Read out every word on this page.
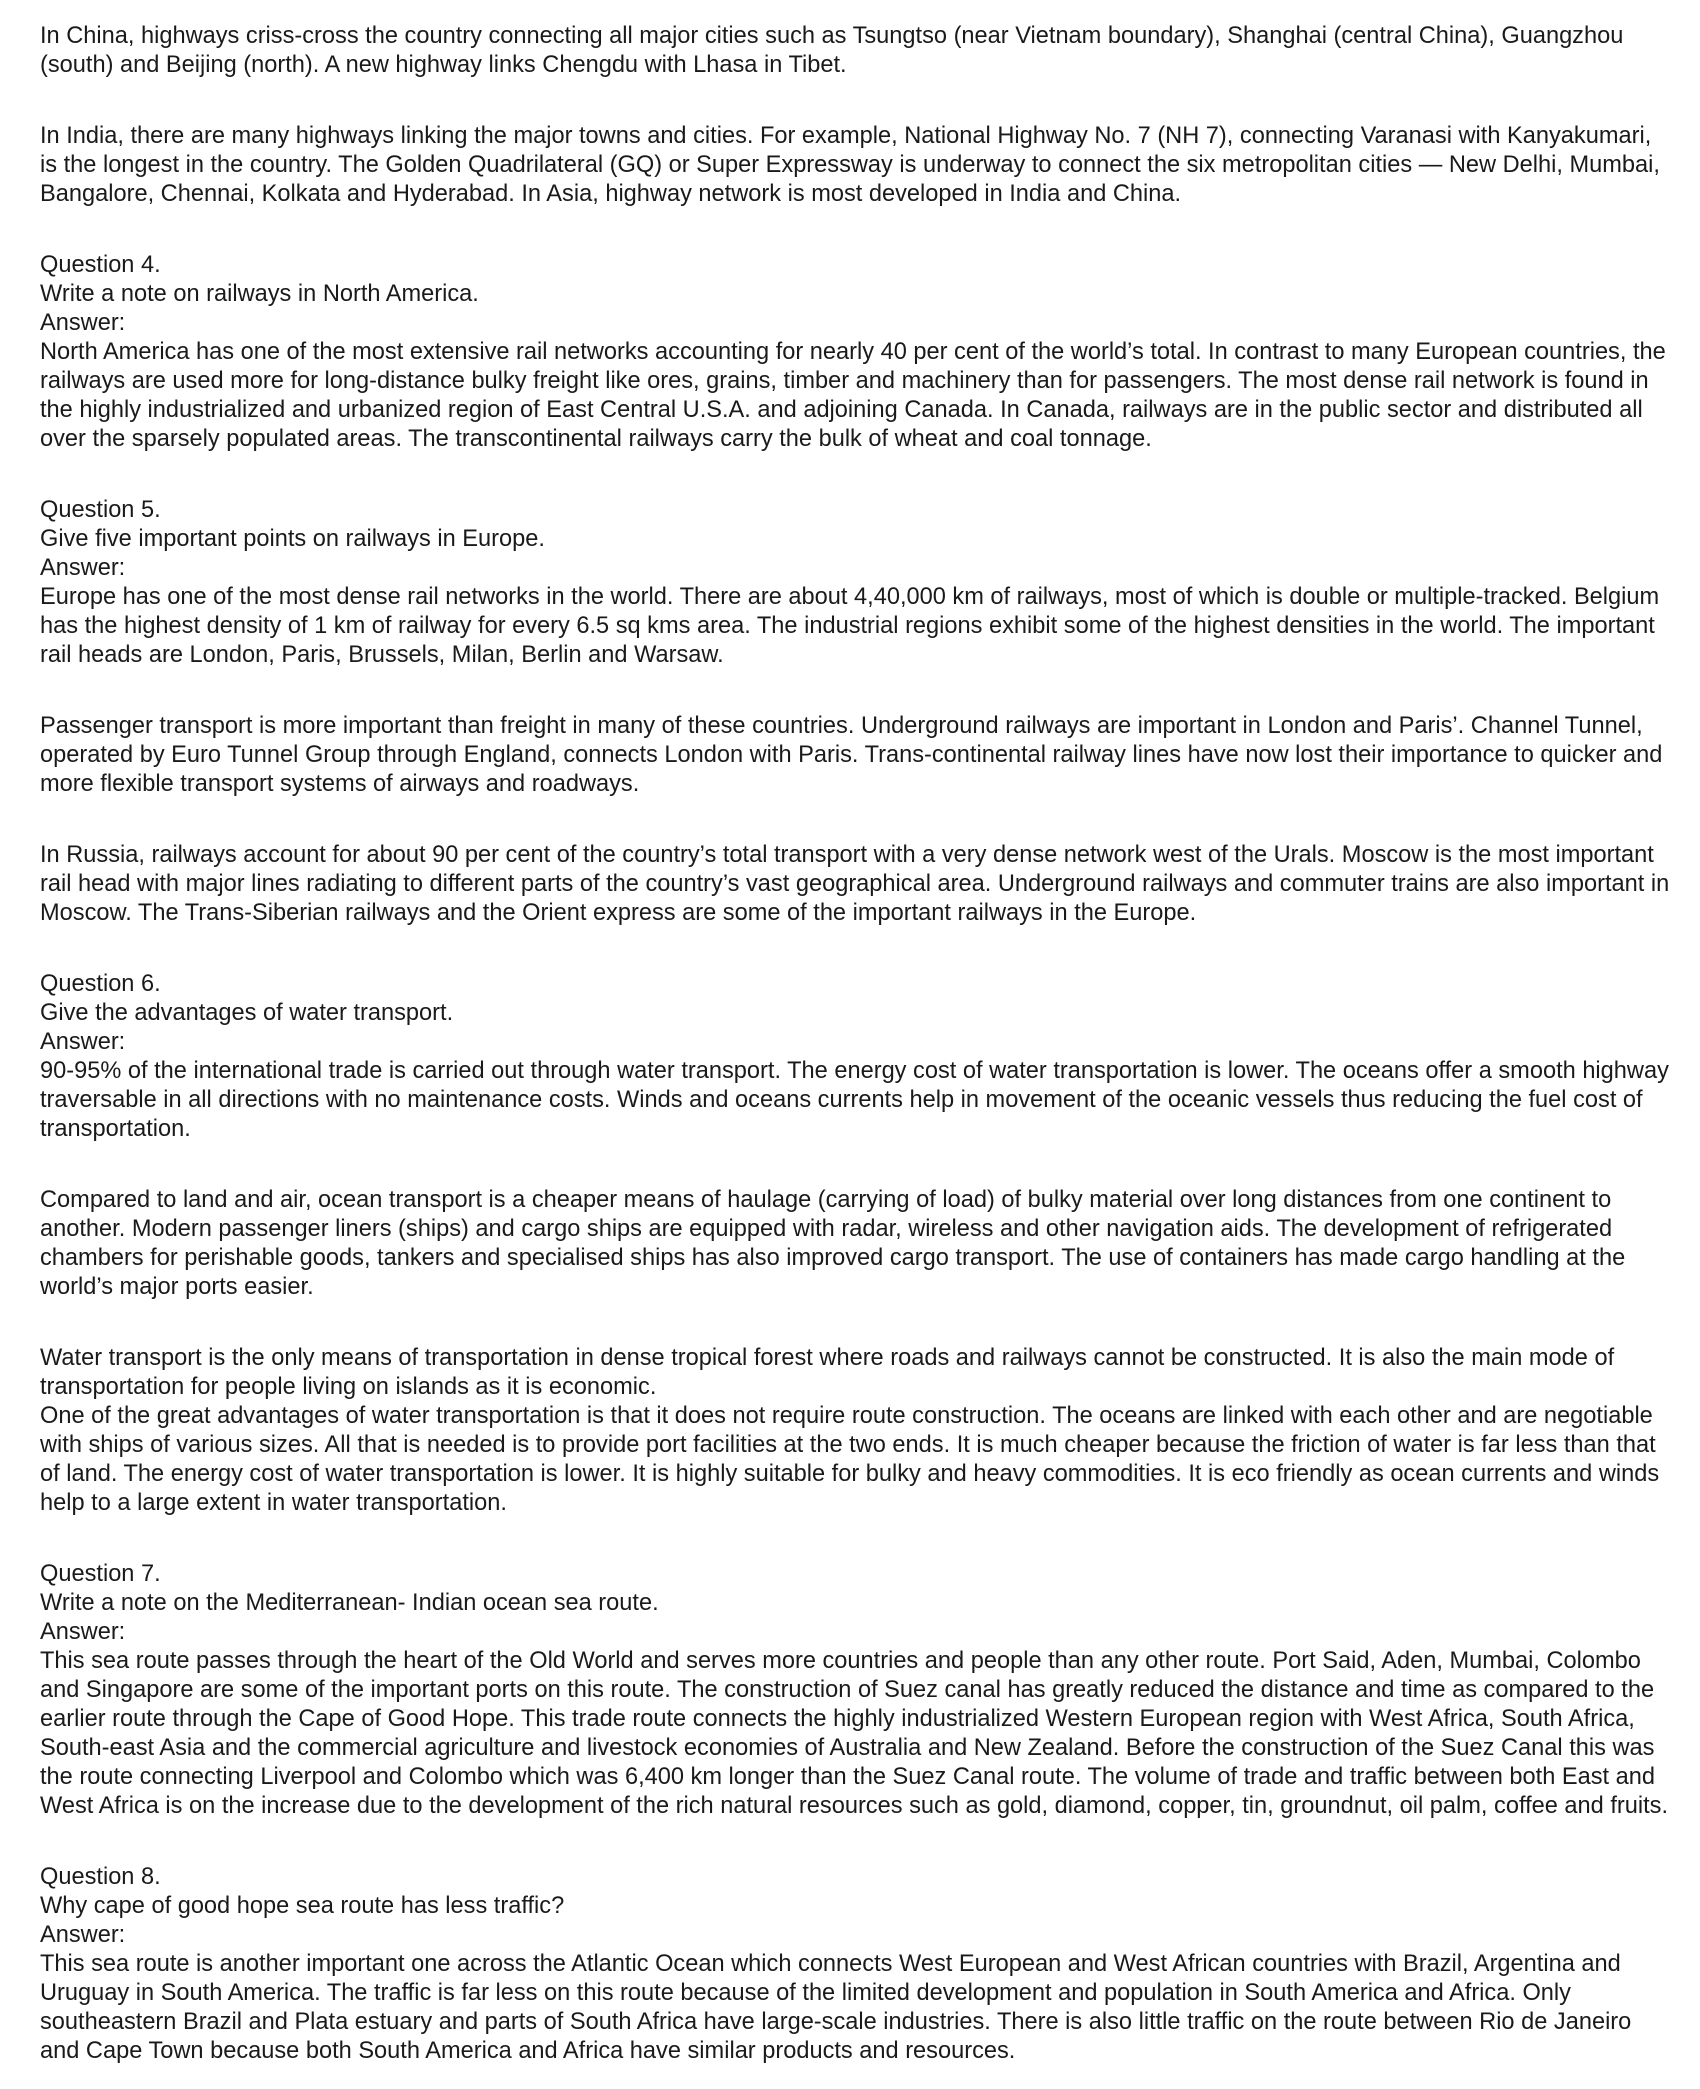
In China, highways criss-cross the country connecting all major cities such as Tsungtso (near Vietnam boundary), Shanghai (central China), Guangzhou (south) and Beijing (north). A new highway links Chengdu with Lhasa in Tibet.

In India, there are many highways linking the major towns and cities. For example, National Highway No. 7 (NH 7), connecting Varanasi with Kanyakumari, is the longest in the country. The Golden Quadrilateral (GQ) or Super Expressway is underway to connect the six metropolitan cities — New Delhi, Mumbai, Bangalore, Chennai, Kolkata and Hyderabad. In Asia, highway network is most developed in India and China.

Question 4.

Write a note on railways in North America.

Answer:

North America has one of the most extensive rail networks accounting for nearly 40 per cent of the world’s total. In contrast to many European countries, the railways are used more for long-distance bulky freight like ores, grains, timber and machinery than for passengers. The most dense rail network is found in the highly industrialized and urbanized region of East Central U.S.A. and adjoining Canada. In Canada, railways are in the public sector and distributed all over the sparsely populated areas. The transcontinental railways carry the bulk of wheat and coal tonnage.

Question 5.

Give five important points on railways in Europe.

Answer:

Europe has one of the most dense rail networks in the world. There are about 4,40,000 km of railways, most of which is double or multiple-tracked. Belgium has the highest density of 1 km of railway for every 6.5 sq kms area. The industrial regions exhibit some of the highest densities in the world. The important rail heads are London, Paris, Brussels, Milan, Berlin and Warsaw.

Passenger transport is more important than freight in many of these countries. Underground railways are important in London and Paris’. Channel Tunnel, operated by Euro Tunnel Group through England, connects London with Paris. Trans-continental railway lines have now lost their importance to quicker and more flexible transport systems of airways and roadways.

In Russia, railways account for about 90 per cent of the country’s total transport with a very dense network west of the Urals. Moscow is the most important rail head with major lines radiating to different parts of the country’s vast geographical area. Underground railways and commuter trains are also important in Moscow. The Trans-Siberian railways and the Orient express are some of the important railways in the Europe.

Question 6.

Give the advantages of water transport.

Answer:

90-95% of the international trade is carried out through water transport. The energy cost of water transportation is lower. The oceans offer a smooth highway traversable in all directions with no maintenance costs. Winds and oceans currents help in movement of the oceanic vessels thus reducing the fuel cost of transportation.

Compared to land and air, ocean transport is a cheaper means of haulage (carrying of load) of bulky material over long distances from one continent to another. Modern passenger liners (ships) and cargo ships are equipped with radar, wireless and other navigation aids. The development of refrigerated chambers for perishable goods, tankers and specialised ships has also improved cargo transport. The use of containers has made cargo handling at the world’s major ports easier.

Water transport is the only means of transportation in dense tropical forest where roads and railways cannot be constructed. It is also the main mode of transportation for people living on islands as it is economic.

One of the great advantages of water transportation is that it does not require route construction. The oceans are linked with each other and are negotiable with ships of various sizes. All that is needed is to provide port facilities at the two ends. It is much cheaper because the friction of water is far less than that of land. The energy cost of water transportation is lower. It is highly suitable for bulky and heavy commodities. It is eco friendly as ocean currents and winds help to a large extent in water transportation.

Question 7.

Write a note on the Mediterranean- Indian ocean sea route.

Answer:

This sea route passes through the heart of the Old World and serves more countries and people than any other route. Port Said, Aden, Mumbai, Colombo and Singapore are some of the important ports on this route. The construction of Suez canal has greatly reduced the distance and time as compared to the earlier route through the Cape of Good Hope. This trade route connects the highly industrialized Western European region with West Africa, South Africa, South-east Asia and the commercial agriculture and livestock economies of Australia and New Zealand. Before the construction of the Suez Canal this was the route connecting Liverpool and Colombo which was 6,400 km longer than the Suez Canal route. The volume of trade and traffic between both East and West Africa is on the increase due to the development of the rich natural resources such as gold, diamond, copper, tin, groundnut, oil palm, coffee and fruits.

Question 8.

Why cape of good hope sea route has less traffic?

Answer:

This sea route is another important one across the Atlantic Ocean which connects West European and West African countries with Brazil, Argentina and Uruguay in South America. The traffic is far less on this route because of the limited development and population in South America and Africa. Only southeastern Brazil and Plata estuary and parts of South Africa have large-scale industries. There is also little traffic on the route between Rio de Janeiro and Cape Town because both South America and Africa have similar products and resources.
